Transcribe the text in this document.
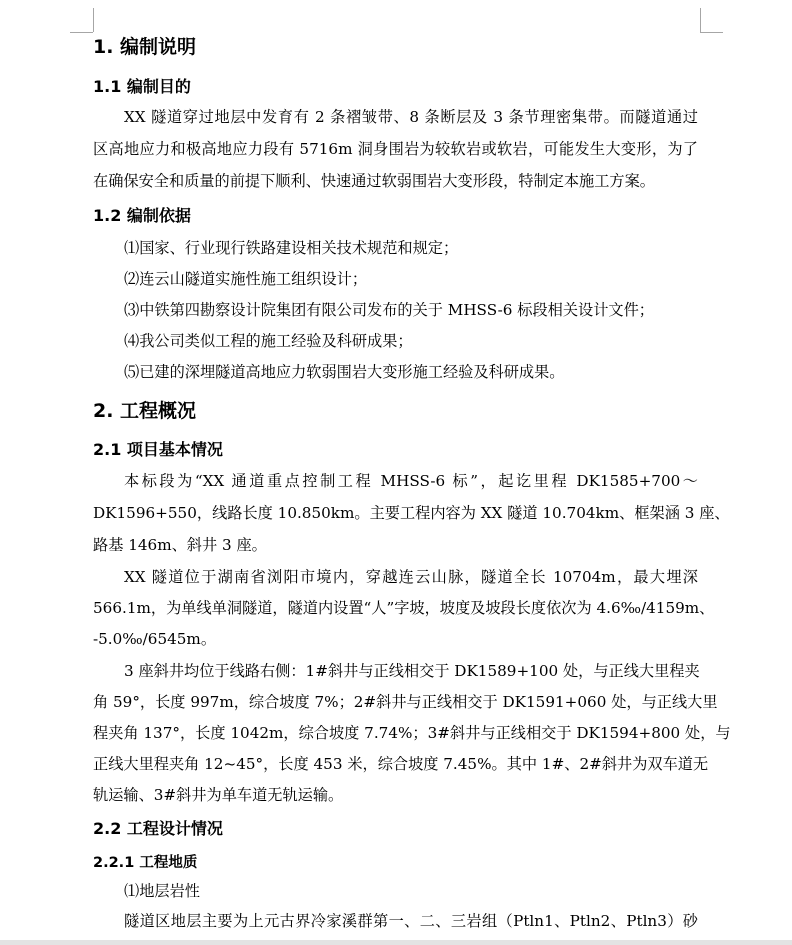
1. 编制说明
1.1 编制目的
XX 隧道穿过地层中发育有 2 条褶皱带、8 条断层及 3 条节理密集带。而隧道通过
区高地应力和极高地应力段有 5716m 洞身围岩为较软岩或软岩，可能发生大变形，为了
在确保安全和质量的前提下顺利、快速通过软弱围岩大变形段，特制定本施工方案。
1.2 编制依据
⑴国家、行业现行铁路建设相关技术规范和规定；
⑵连云山隧道实施性施工组织设计；
⑶中铁第四勘察设计院集团有限公司发布的关于 MHSS-6 标段相关设计文件；
⑷我公司类似工程的施工经验及科研成果；
⑸已建的深埋隧道高地应力软弱围岩大变形施工经验及科研成果。
2. 工程概况
2.1 项目基本情况
本标段为“XX 通道重点控制工程 MHSS-6 标”，起讫里程 DK1585+700～
DK1596+550，线路长度 10.850km。主要工程内容为 XX 隧道 10.704km、框架涵 3 座、
路基 146m、斜井 3 座。
XX 隧道位于湖南省浏阳市境内，穿越连云山脉，隧道全长 10704m，最大埋深
566.1m，为单线单洞隧道，隧道内设置“人”字坡，坡度及坡段长度依次为 4.6‰/4159m、
-5.0‰/6545m。
3 座斜井均位于线路右侧：1#斜井与正线相交于 DK1589+100 处，与正线大里程夹
角 59°，长度 997m，综合坡度 7%；2#斜井与正线相交于 DK1591+060 处，与正线大里
程夹角 137°，长度 1042m，综合坡度 7.74%；3#斜井与正线相交于 DK1594+800 处，与
正线大里程夹角 12~45°，长度 453 米，综合坡度 7.45%。其中 1#、2#斜井为双车道无
轨运输、3#斜井为单车道无轨运输。
2.2 工程设计情况
2.2.1 工程地质
⑴地层岩性
隧道区地层主要为上元古界冷家溪群第一、二、三岩组（Ptln1、Ptln2、Ptln3）砂
